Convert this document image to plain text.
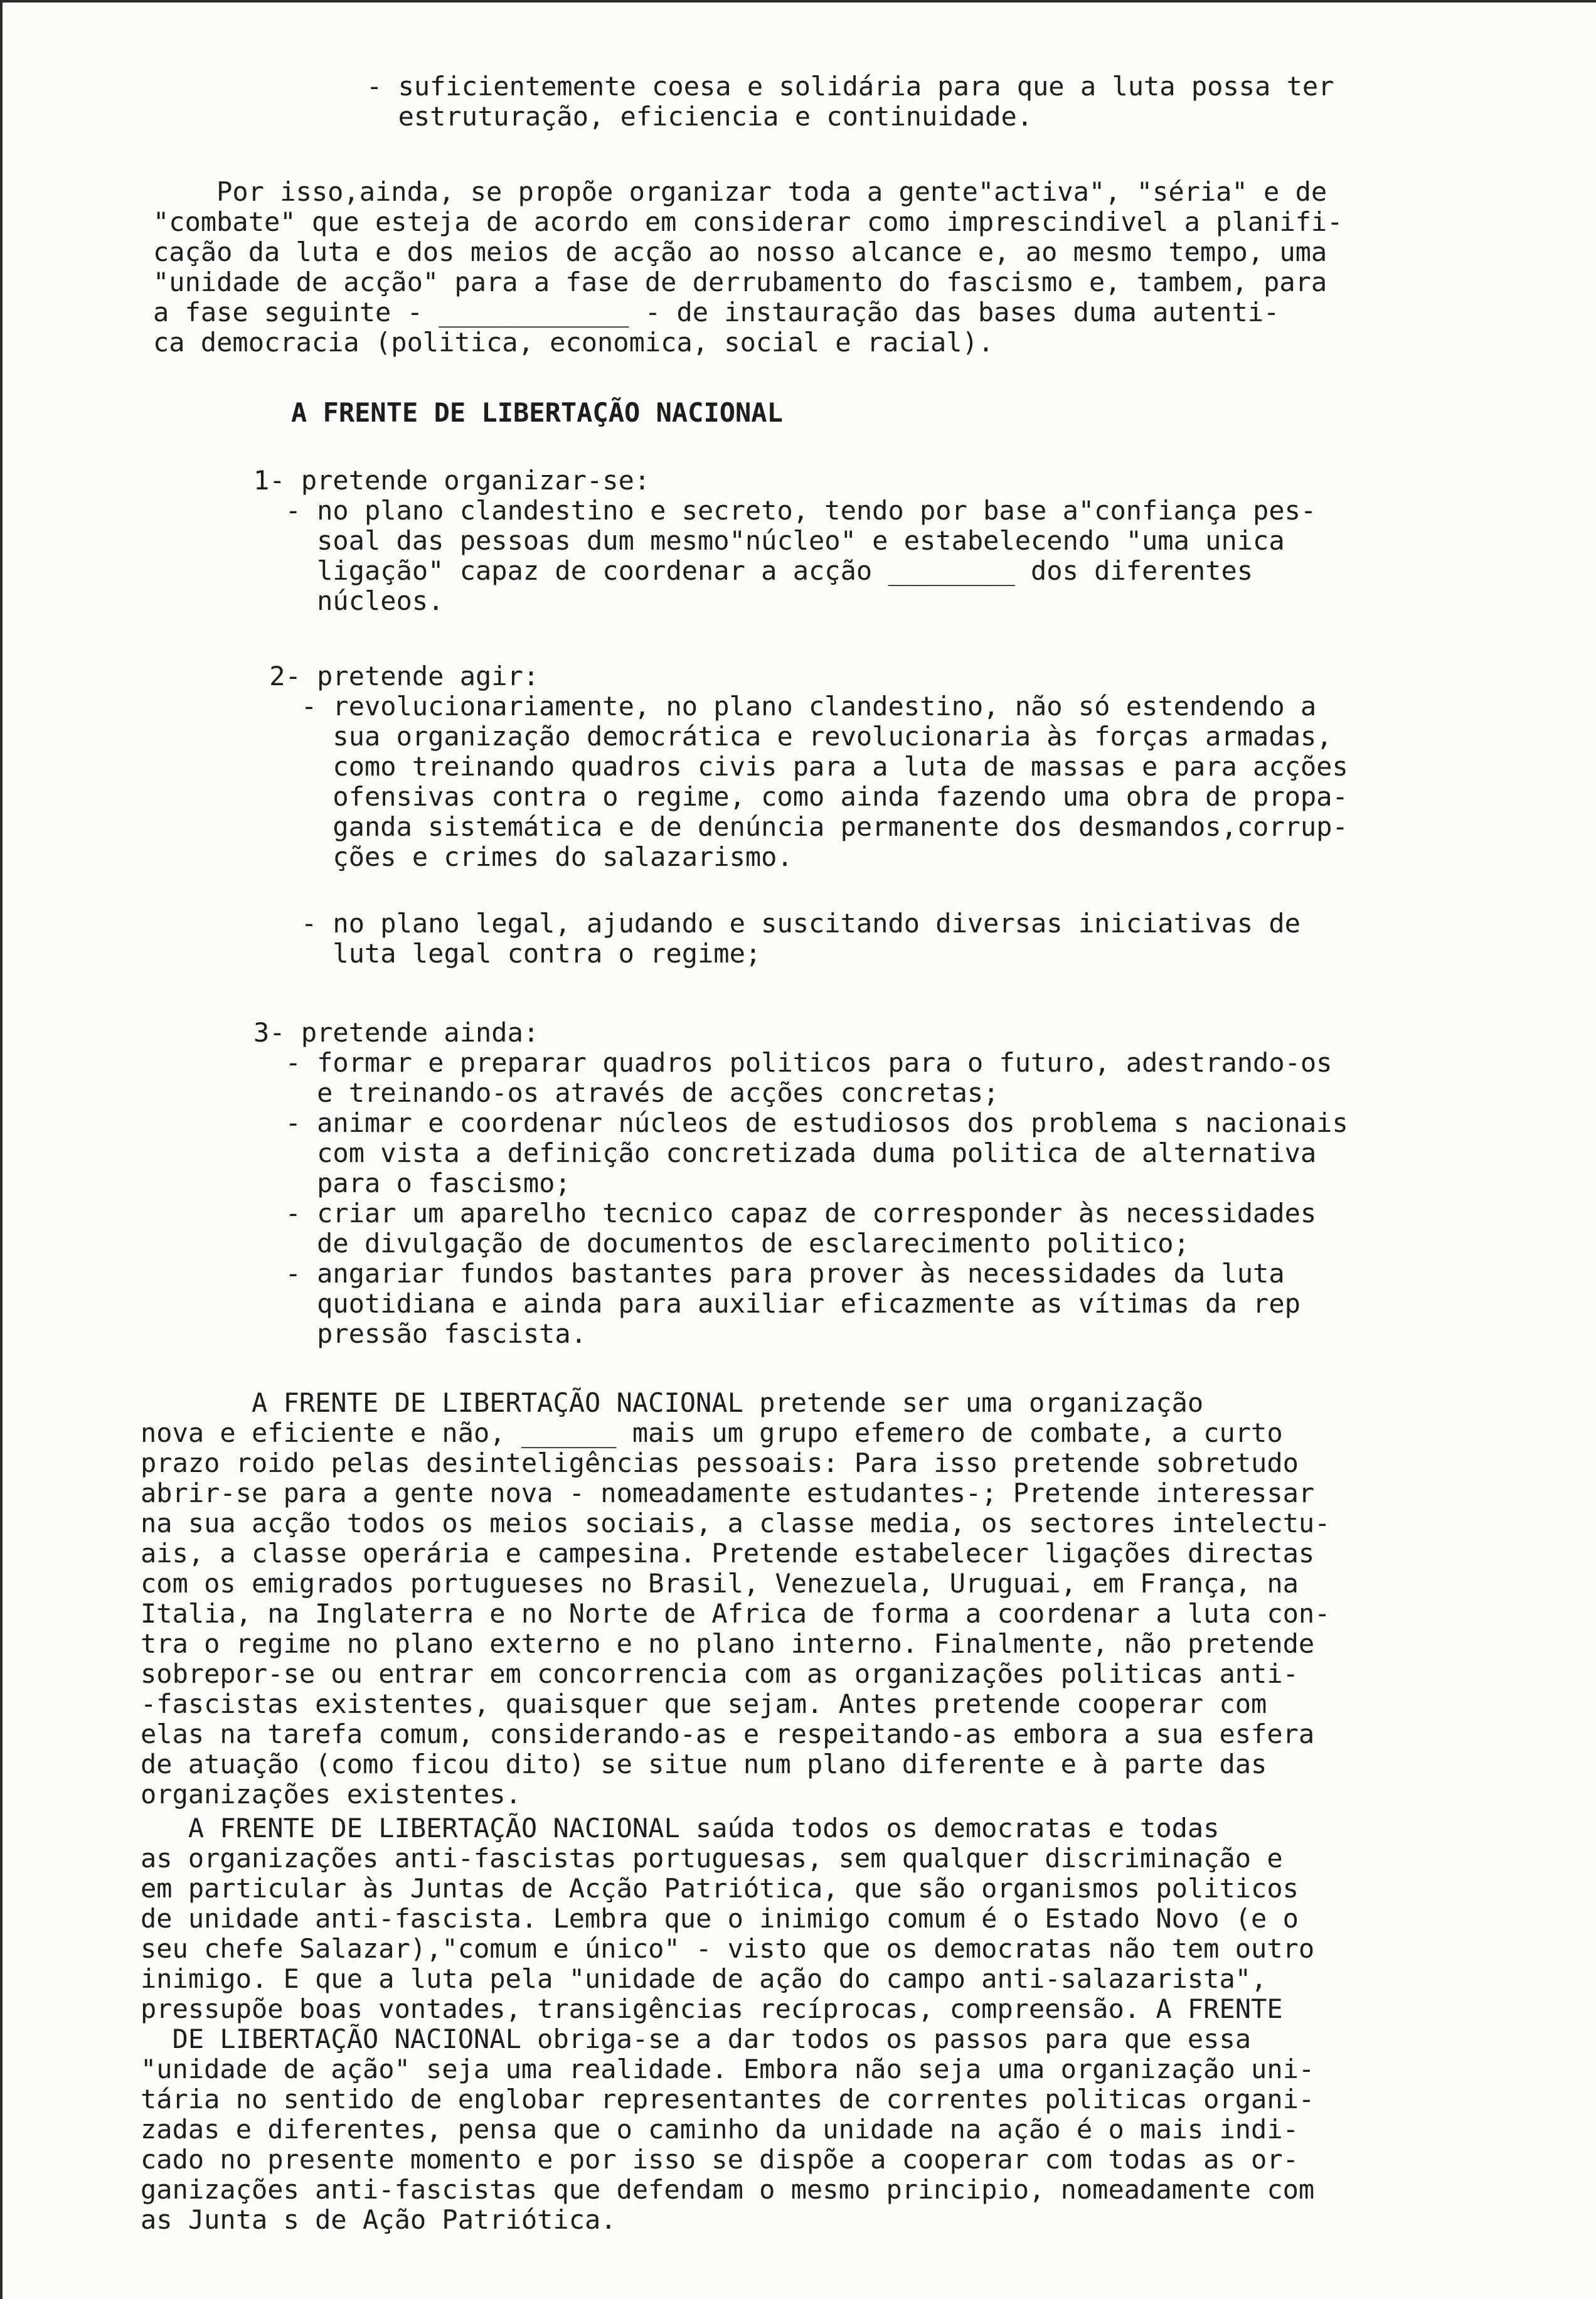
- suficientemente coesa e solidária para que a luta possa ter
estruturação, eficiencia e continuidade.
Por isso,ainda, se propõe organizar toda a gente"activa", "séria" e de
"combate" que esteja de acordo em considerar como imprescindivel a planifi-
cação da luta e dos meios de acção ao nosso alcance e, ao mesmo tempo, uma
"unidade de acção" para a fase de derrubamento do fascismo e, tambem, para
a fase seguinte - ____________ - de instauração das bases duma autenti-
ca democracia (politica, economica, social e racial).
A FRENTE DE LIBERTAÇÃO NACIONAL
1- pretende organizar-se:
- no plano clandestino e secreto, tendo por base a"confiança pes-
soal das pessoas dum mesmo"núcleo" e estabelecendo "uma unica
ligação" capaz de coordenar a acção ________ dos diferentes
núcleos.
2- pretende agir:
- revolucionariamente, no plano clandestino, não só estendendo a
sua organização democrática e revolucionaria às forças armadas,
como treinando quadros civis para a luta de massas e para acções
ofensivas contra o regime, como ainda fazendo uma obra de propa-
ganda sistemática e de denúncia permanente dos desmandos,corrup-
ções e crimes do salazarismo.
- no plano legal, ajudando e suscitando diversas iniciativas de
luta legal contra o regime;
3- pretende ainda:
- formar e preparar quadros politicos para o futuro, adestrando-os
e treinando-os através de acções concretas;
- animar e coordenar núcleos de estudiosos dos problema s nacionais
com vista a definição concretizada duma politica de alternativa
para o fascismo;
- criar um aparelho tecnico capaz de corresponder às necessidades
de divulgação de documentos de esclarecimento politico;
- angariar fundos bastantes para prover às necessidades da luta
quotidiana e ainda para auxiliar eficazmente as vítimas da rep
pressão fascista.
A FRENTE DE LIBERTAÇÃO NACIONAL pretende ser uma organização
nova e eficiente e não, ______ mais um grupo efemero de combate, a curto
prazo roido pelas desinteligências pessoais: Para isso pretende sobretudo
abrir-se para a gente nova - nomeadamente estudantes-; Pretende interessar
na sua acção todos os meios sociais, a classe media, os sectores intelectu-
ais, a classe operária e campesina. Pretende estabelecer ligações directas
com os emigrados portugueses no Brasil, Venezuela, Uruguai, em França, na
Italia, na Inglaterra e no Norte de Africa de forma a coordenar a luta con-
tra o regime no plano externo e no plano interno. Finalmente, não pretende
sobrepor-se ou entrar em concorrencia com as organizações politicas anti-
-fascistas existentes, quaisquer que sejam. Antes pretende cooperar com
elas na tarefa comum, considerando-as e respeitando-as embora a sua esfera
de atuação (como ficou dito) se situe num plano diferente e à parte das
organizações existentes.
A FRENTE DE LIBERTAÇÃO NACIONAL saúda todos os democratas e todas
as organizações anti-fascistas portuguesas, sem qualquer discriminação e
em particular às Juntas de Acção Patriótica, que são organismos politicos
de unidade anti-fascista. Lembra que o inimigo comum é o Estado Novo (e o
seu chefe Salazar),"comum e único" - visto que os democratas não tem outro
inimigo. E que a luta pela "unidade de ação do campo anti-salazarista",
pressupõe boas vontades, transigências recíprocas, compreensão. A FRENTE
DE LIBERTAÇÃO NACIONAL obriga-se a dar todos os passos para que essa
"unidade de ação" seja uma realidade. Embora não seja uma organização uni-
tária no sentido de englobar representantes de correntes politicas organi-
zadas e diferentes, pensa que o caminho da unidade na ação é o mais indi-
cado no presente momento e por isso se dispõe a cooperar com todas as or-
ganizações anti-fascistas que defendam o mesmo principio, nomeadamente com
as Junta s de Ação Patriótica.
